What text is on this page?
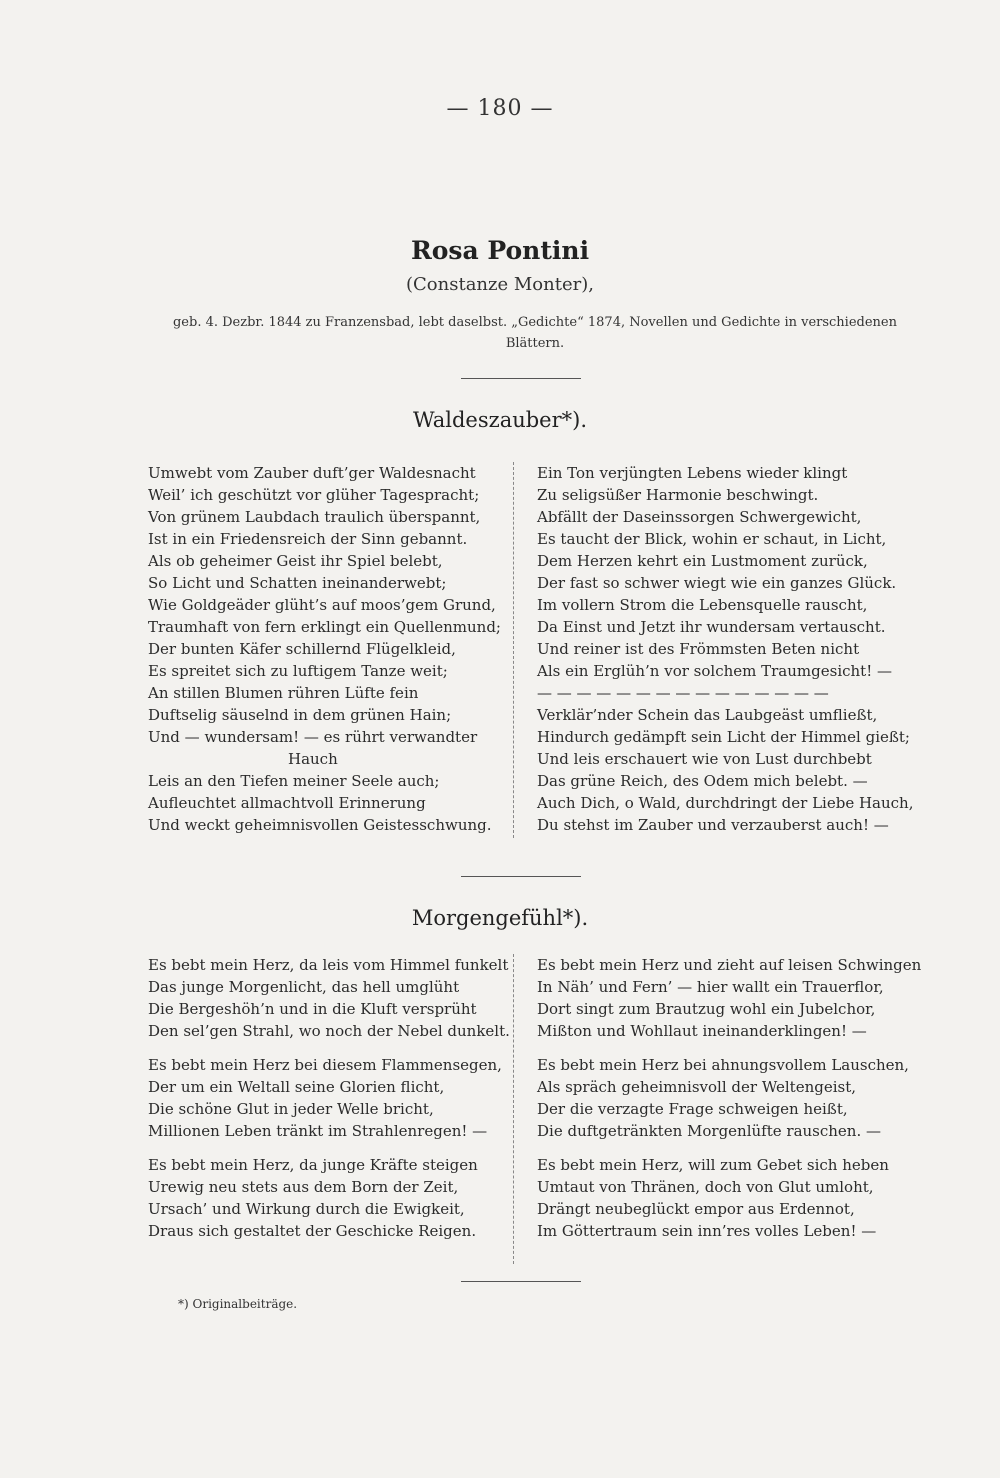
— 180 —
Rosa Pontini
(Constanze Monter),
geb. 4. Dezbr. 1844 zu Franzensbad, lebt daselbst. „Gedichte“ 1874, Novellen und Gedichte in verschiedenen Blättern.
Waldeszauber*).
Umwebt vom Zauber duft’ger Waldesnacht
Weil’ ich geschützt vor glüher Tagespracht;
Von grünem Laubdach traulich überspannt,
Ist in ein Friedensreich der Sinn gebannt.
Als ob geheimer Geist ihr Spiel belebt,
So Licht und Schatten ineinanderwebt;
Wie Goldgeäder glüht’s auf moos’gem Grund,
Traumhaft von fern erklingt ein Quellenmund;
Der bunten Käfer schillernd Flügelkleid,
Es spreitet sich zu luftigem Tanze weit;
An stillen Blumen rühren Lüfte fein
Duftselig säuselnd in dem grünen Hain;
Und — wundersam! — es rührt verwandter
Hauch
Leis an den Tiefen meiner Seele auch;
Aufleuchtet allmachtvoll Erinnerung
Und weckt geheimnisvollen Geistesschwung.
Ein Ton verjüngten Lebens wieder klingt
Zu seligsüßer Harmonie beschwingt.
Abfällt der Daseinssorgen Schwergewicht,
Es taucht der Blick, wohin er schaut, in Licht,
Dem Herzen kehrt ein Lustmoment zurück,
Der fast so schwer wiegt wie ein ganzes Glück.
Im vollern Strom die Lebensquelle rauscht,
Da Einst und Jetzt ihr wundersam vertauscht.
Und reiner ist des Frömmsten Beten nicht
Als ein Erglüh’n vor solchem Traumgesicht! —
— — — — — — — — — — — — — — —
Verklär’nder Schein das Laubgeäst umfließt,
Hindurch gedämpft sein Licht der Himmel gießt;
Und leis erschauert wie von Lust durchbebt
Das grüne Reich, des Odem mich belebt. —
Auch Dich, o Wald, durchdringt der Liebe Hauch,
Du stehst im Zauber und verzauberst auch! —
Morgengefühl*).
Es bebt mein Herz, da leis vom Himmel funkelt
Das junge Morgenlicht, das hell umglüht
Die Bergeshöh’n und in die Kluft versprüht
Den sel’gen Strahl, wo noch der Nebel dunkelt.
Es bebt mein Herz bei diesem Flammensegen,
Der um ein Weltall seine Glorien flicht,
Die schöne Glut in jeder Welle bricht,
Millionen Leben tränkt im Strahlenregen! —
Es bebt mein Herz, da junge Kräfte steigen
Urewig neu stets aus dem Born der Zeit,
Ursach’ und Wirkung durch die Ewigkeit,
Draus sich gestaltet der Geschicke Reigen.
Es bebt mein Herz und zieht auf leisen Schwingen
In Näh’ und Fern’ — hier wallt ein Trauerflor,
Dort singt zum Brautzug wohl ein Jubelchor,
Mißton und Wohllaut ineinanderklingen! —
Es bebt mein Herz bei ahnungsvollem Lauschen,
Als spräch geheimnisvoll der Weltengeist,
Der die verzagte Frage schweigen heißt,
Die duftgetränkten Morgenlüfte rauschen. —
Es bebt mein Herz, will zum Gebet sich heben
Umtaut von Thränen, doch von Glut umloht,
Drängt neubeglückt empor aus Erdennot,
Im Göttertraum sein inn’res volles Leben! —
*) Originalbeiträge.
